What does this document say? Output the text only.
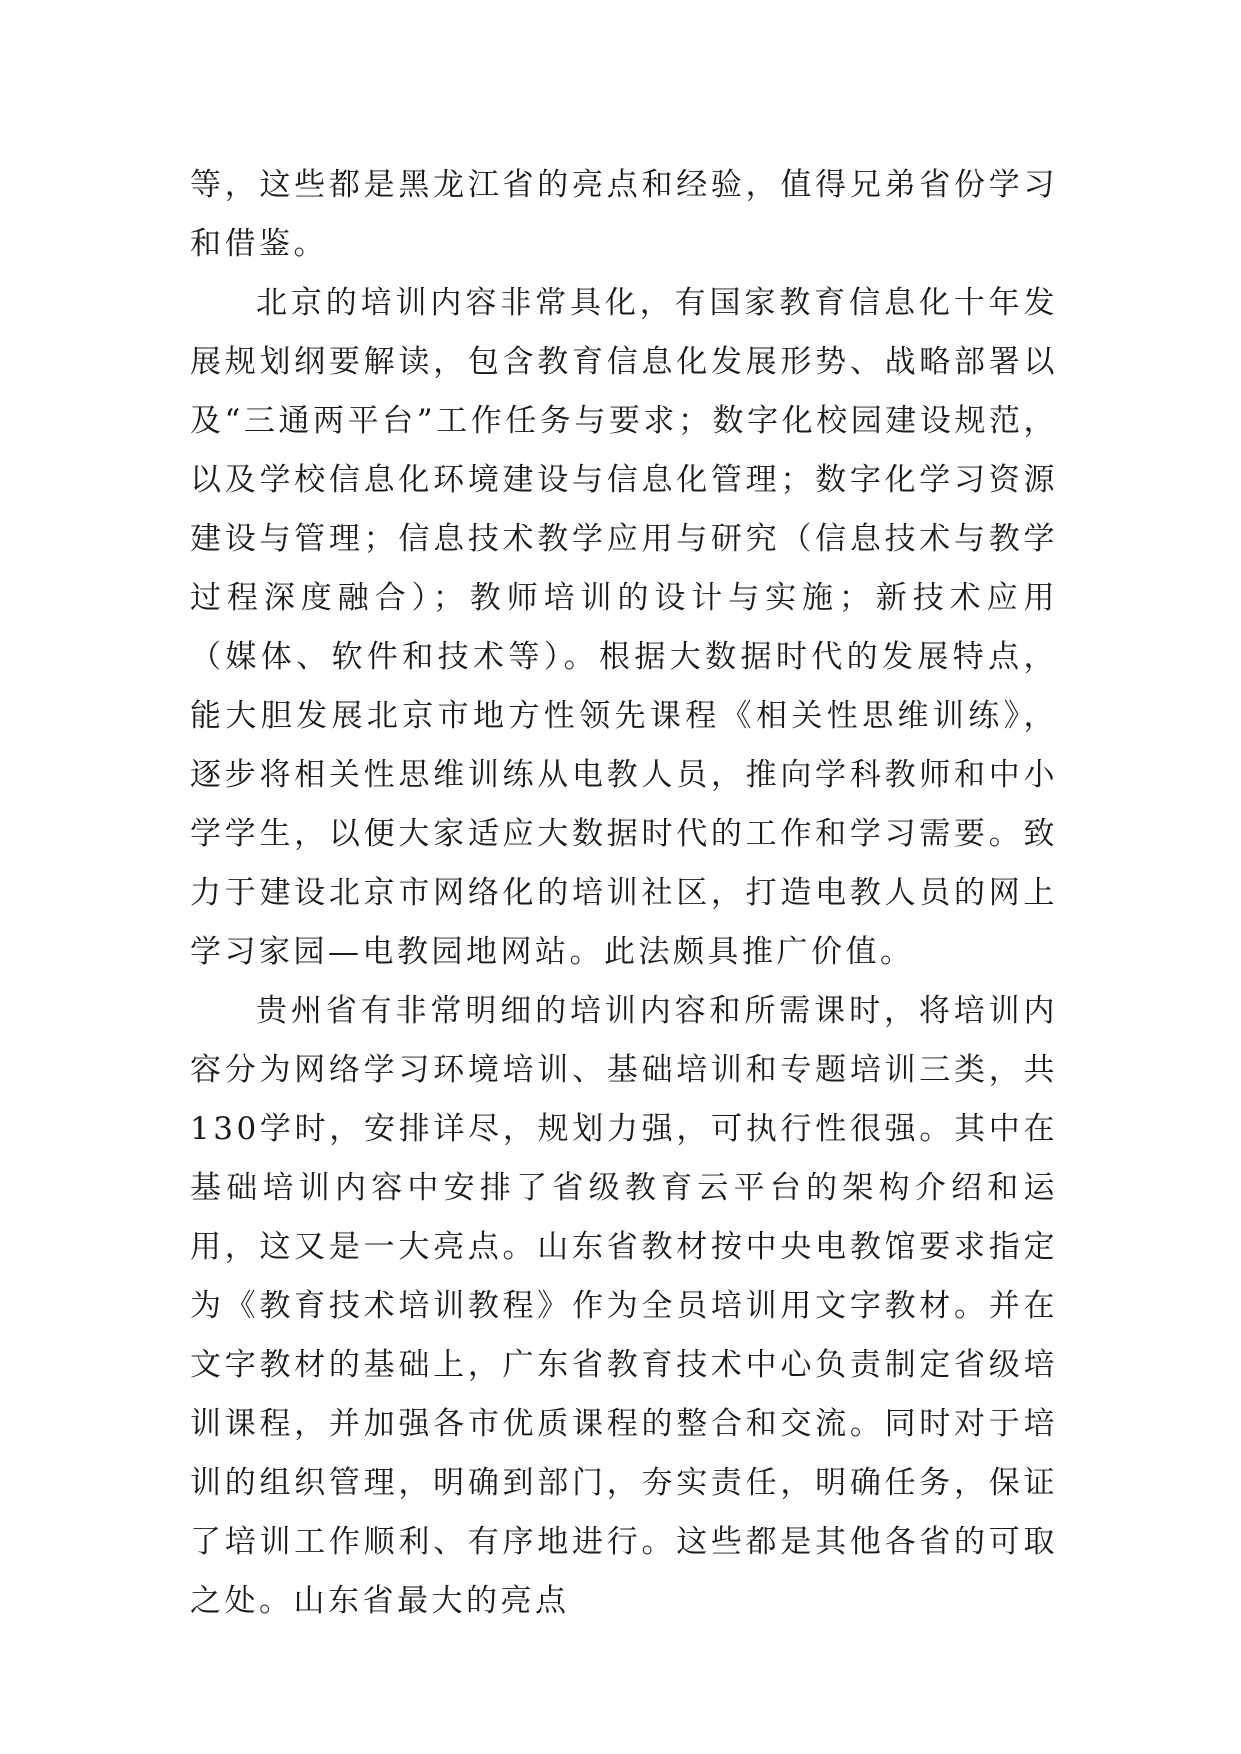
等，这些都是黑龙江省的亮点和经验，值得兄弟省份学习和借鉴。

北京的培训内容非常具化，有国家教育信息化十年发展规划纲要解读，包含教育信息化发展形势、战略部署以及“三通两平台”工作任务与要求；数字化校园建设规范，以及学校信息化环境建设与信息化管理；数字化学习资源建设与管理；信息技术教学应用与研究（信息技术与教学过程深度融合）；教师培训的设计与实施；新技术应用（媒体、软件和技术等）。根据大数据时代的发展特点，能大胆发展北京市地方性领先课程《相关性思维训练》，逐步将相关性思维训练从电教人员，推向学科教师和中小学学生，以便大家适应大数据时代的工作和学习需要。致力于建设北京市网络化的培训社区，打造电教人员的网上学习家园—电教园地网站。此法颇具推广价值。

贵州省有非常明细的培训内容和所需课时，将培训内容分为网络学习环境培训、基础培训和专题培训三类，共130学时，安排详尽，规划力强，可执行性很强。其中在基础培训内容中安排了省级教育云平台的架构介绍和运用，这又是一大亮点。山东省教材按中央电教馆要求指定为《教育技术培训教程》作为全员培训用文字教材。并在文字教材的基础上，广东省教育技术中心负责制定省级培训课程，并加强各市优质课程的整合和交流。同时对于培训的组织管理，明确到部门，夯实责任，明确任务，保证了培训工作顺利、有序地进行。这些都是其他各省的可取之处。山东省最大的亮点
